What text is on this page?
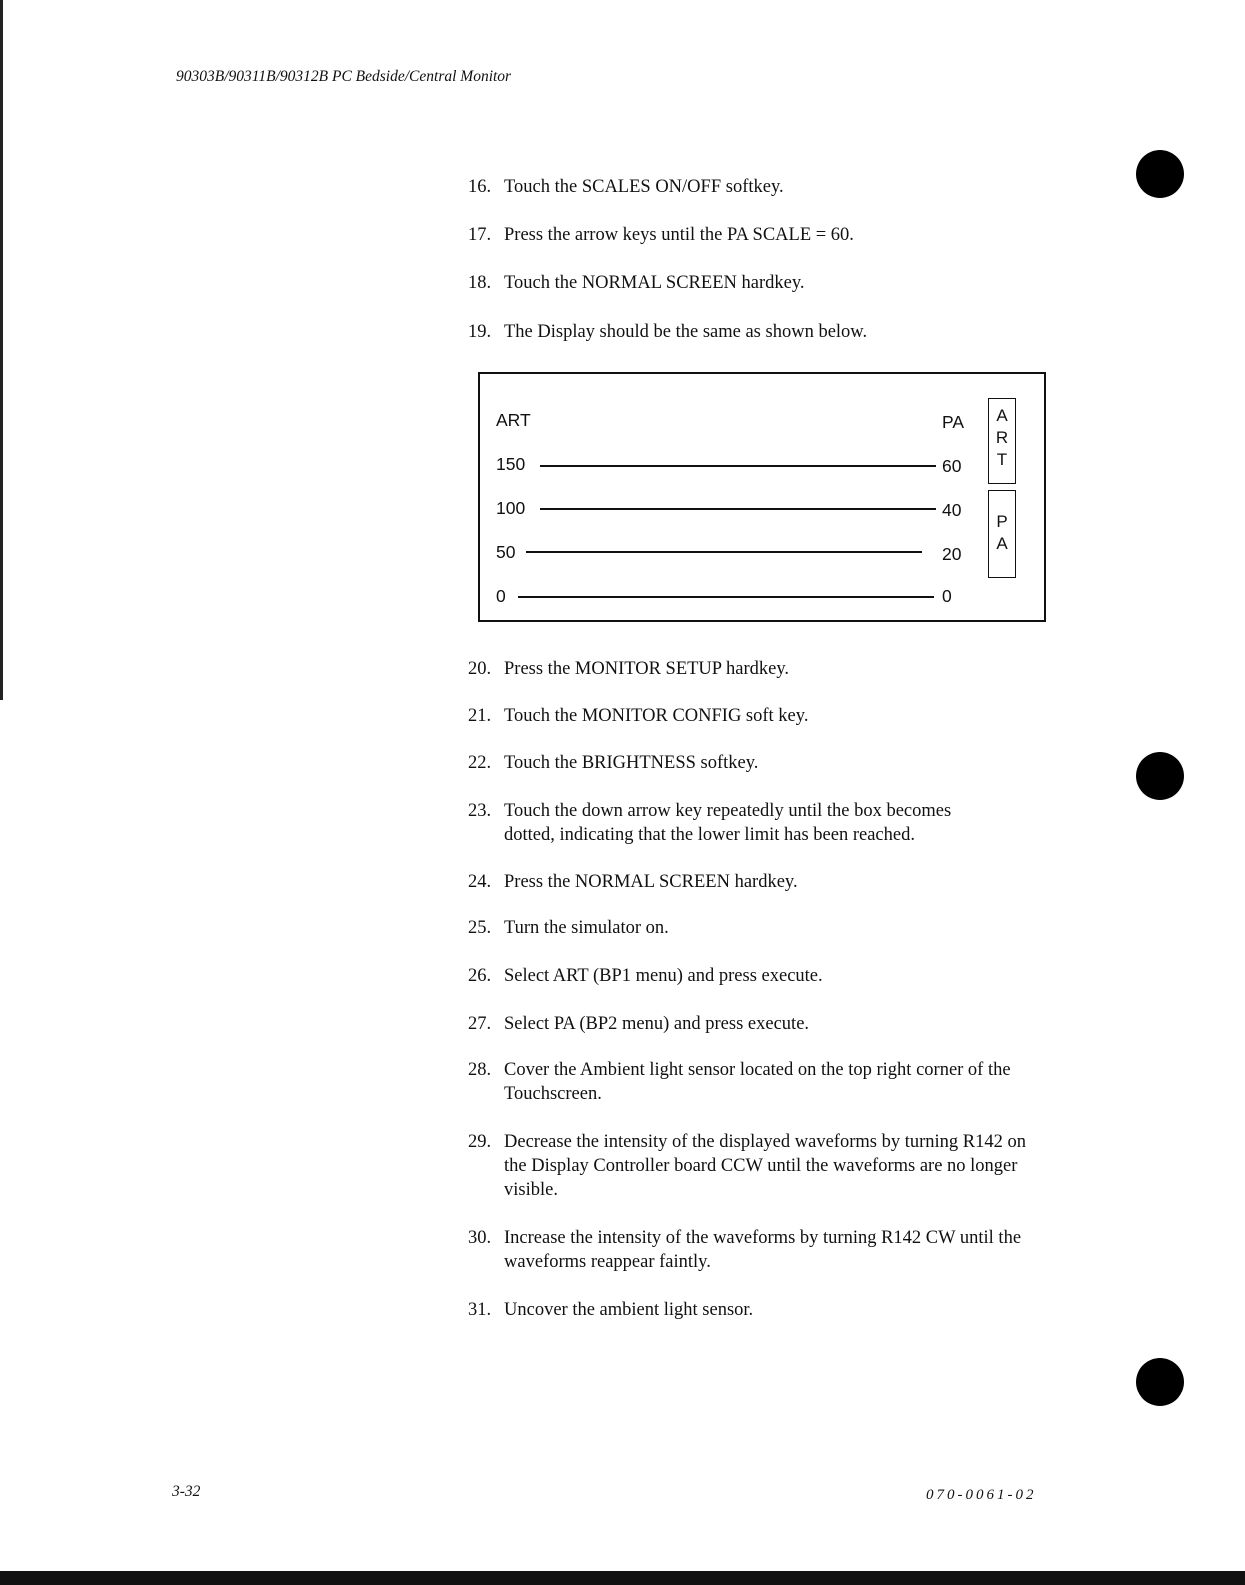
90303B/90311B/90312B PC Bedside/Central Monitor
16. Touch the SCALES ON/OFF softkey.
17. Press the arrow keys until the PA SCALE = 60.
18. Touch the NORMAL SCREEN hardkey.
19. The Display should be the same as shown below.
ART	PA
150	60
100	40
50	20
0	0
A
R
T
P
A
20. Press the MONITOR SETUP hardkey.
21. Touch the MONITOR CONFIG soft key.
22. Touch the BRIGHTNESS softkey.
23. Touch the down arrow key repeatedly until the box becomes dotted, indicating that the lower limit has been reached.
24. Press the NORMAL SCREEN hardkey.
25. Turn the simulator on.
26. Select ART (BP1 menu) and press execute.
27. Select PA (BP2 menu) and press execute.
28. Cover the Ambient light sensor located on the top right corner of the Touchscreen.
29. Decrease the intensity of the displayed waveforms by turning R142 on the Display Controller board CCW until the waveforms are no longer visible.
30. Increase the intensity of the waveforms by turning R142 CW until the waveforms reappear faintly.
31. Uncover the ambient light sensor.
3-32	070-0061-02
